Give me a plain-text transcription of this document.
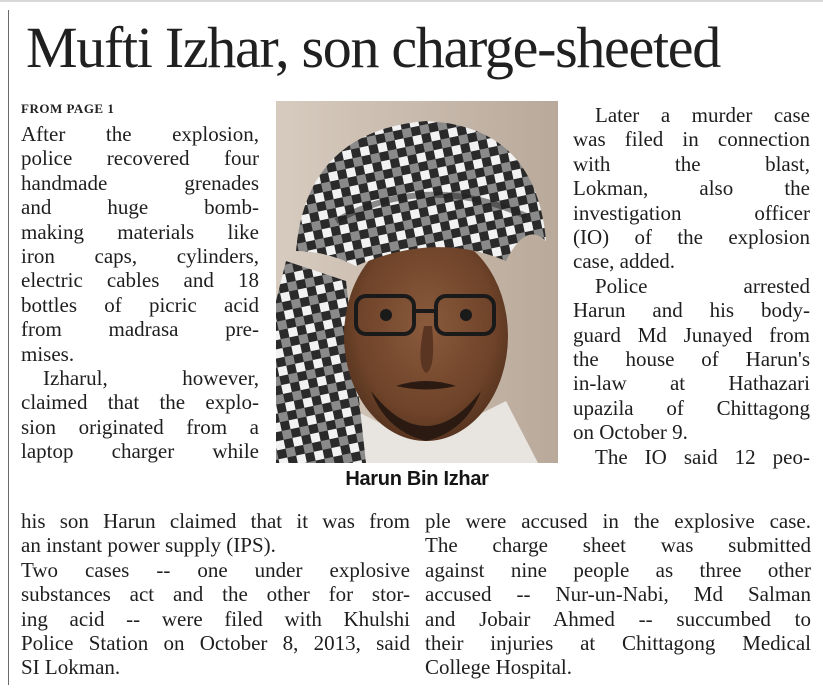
Mufti Izhar, son charge-sheeted
FROM PAGE 1

After the explosion,
police recovered four
handmade grenades
and huge bomb-
making materials like
iron caps, cylinders,
electric cables and 18
bottles of picric acid
from madrasa pre-
mises.

Izharul, however,
claimed that the explo-
sion originated from a
laptop charger while

Harun Bin Izhar

Later a murder case
was filed in connection
with the blast,
Lokman, also the
investigation officer
(IO) of the explosion
case, added.

Police arrested
Harun and his body-
guard Md Junayed from
the house of Harun's
in-law at Hathazari
upazila of Chittagong
on October 9.

The IO said 12 peo-

his son Harun claimed that it was from
an instant power supply (IPS).

Two cases -- one under explosive
substances act and the other for stor-
ing acid -- were filed with Khulshi
Police Station on October 8, 2013, said
SI Lokman.

ple were accused in the explosive case.
The charge sheet was submitted
against nine people as three other
accused -- Nur-un-Nabi, Md Salman
and Jobair Ahmed -- succumbed to
their injuries at Chittagong Medical
College Hospital.
